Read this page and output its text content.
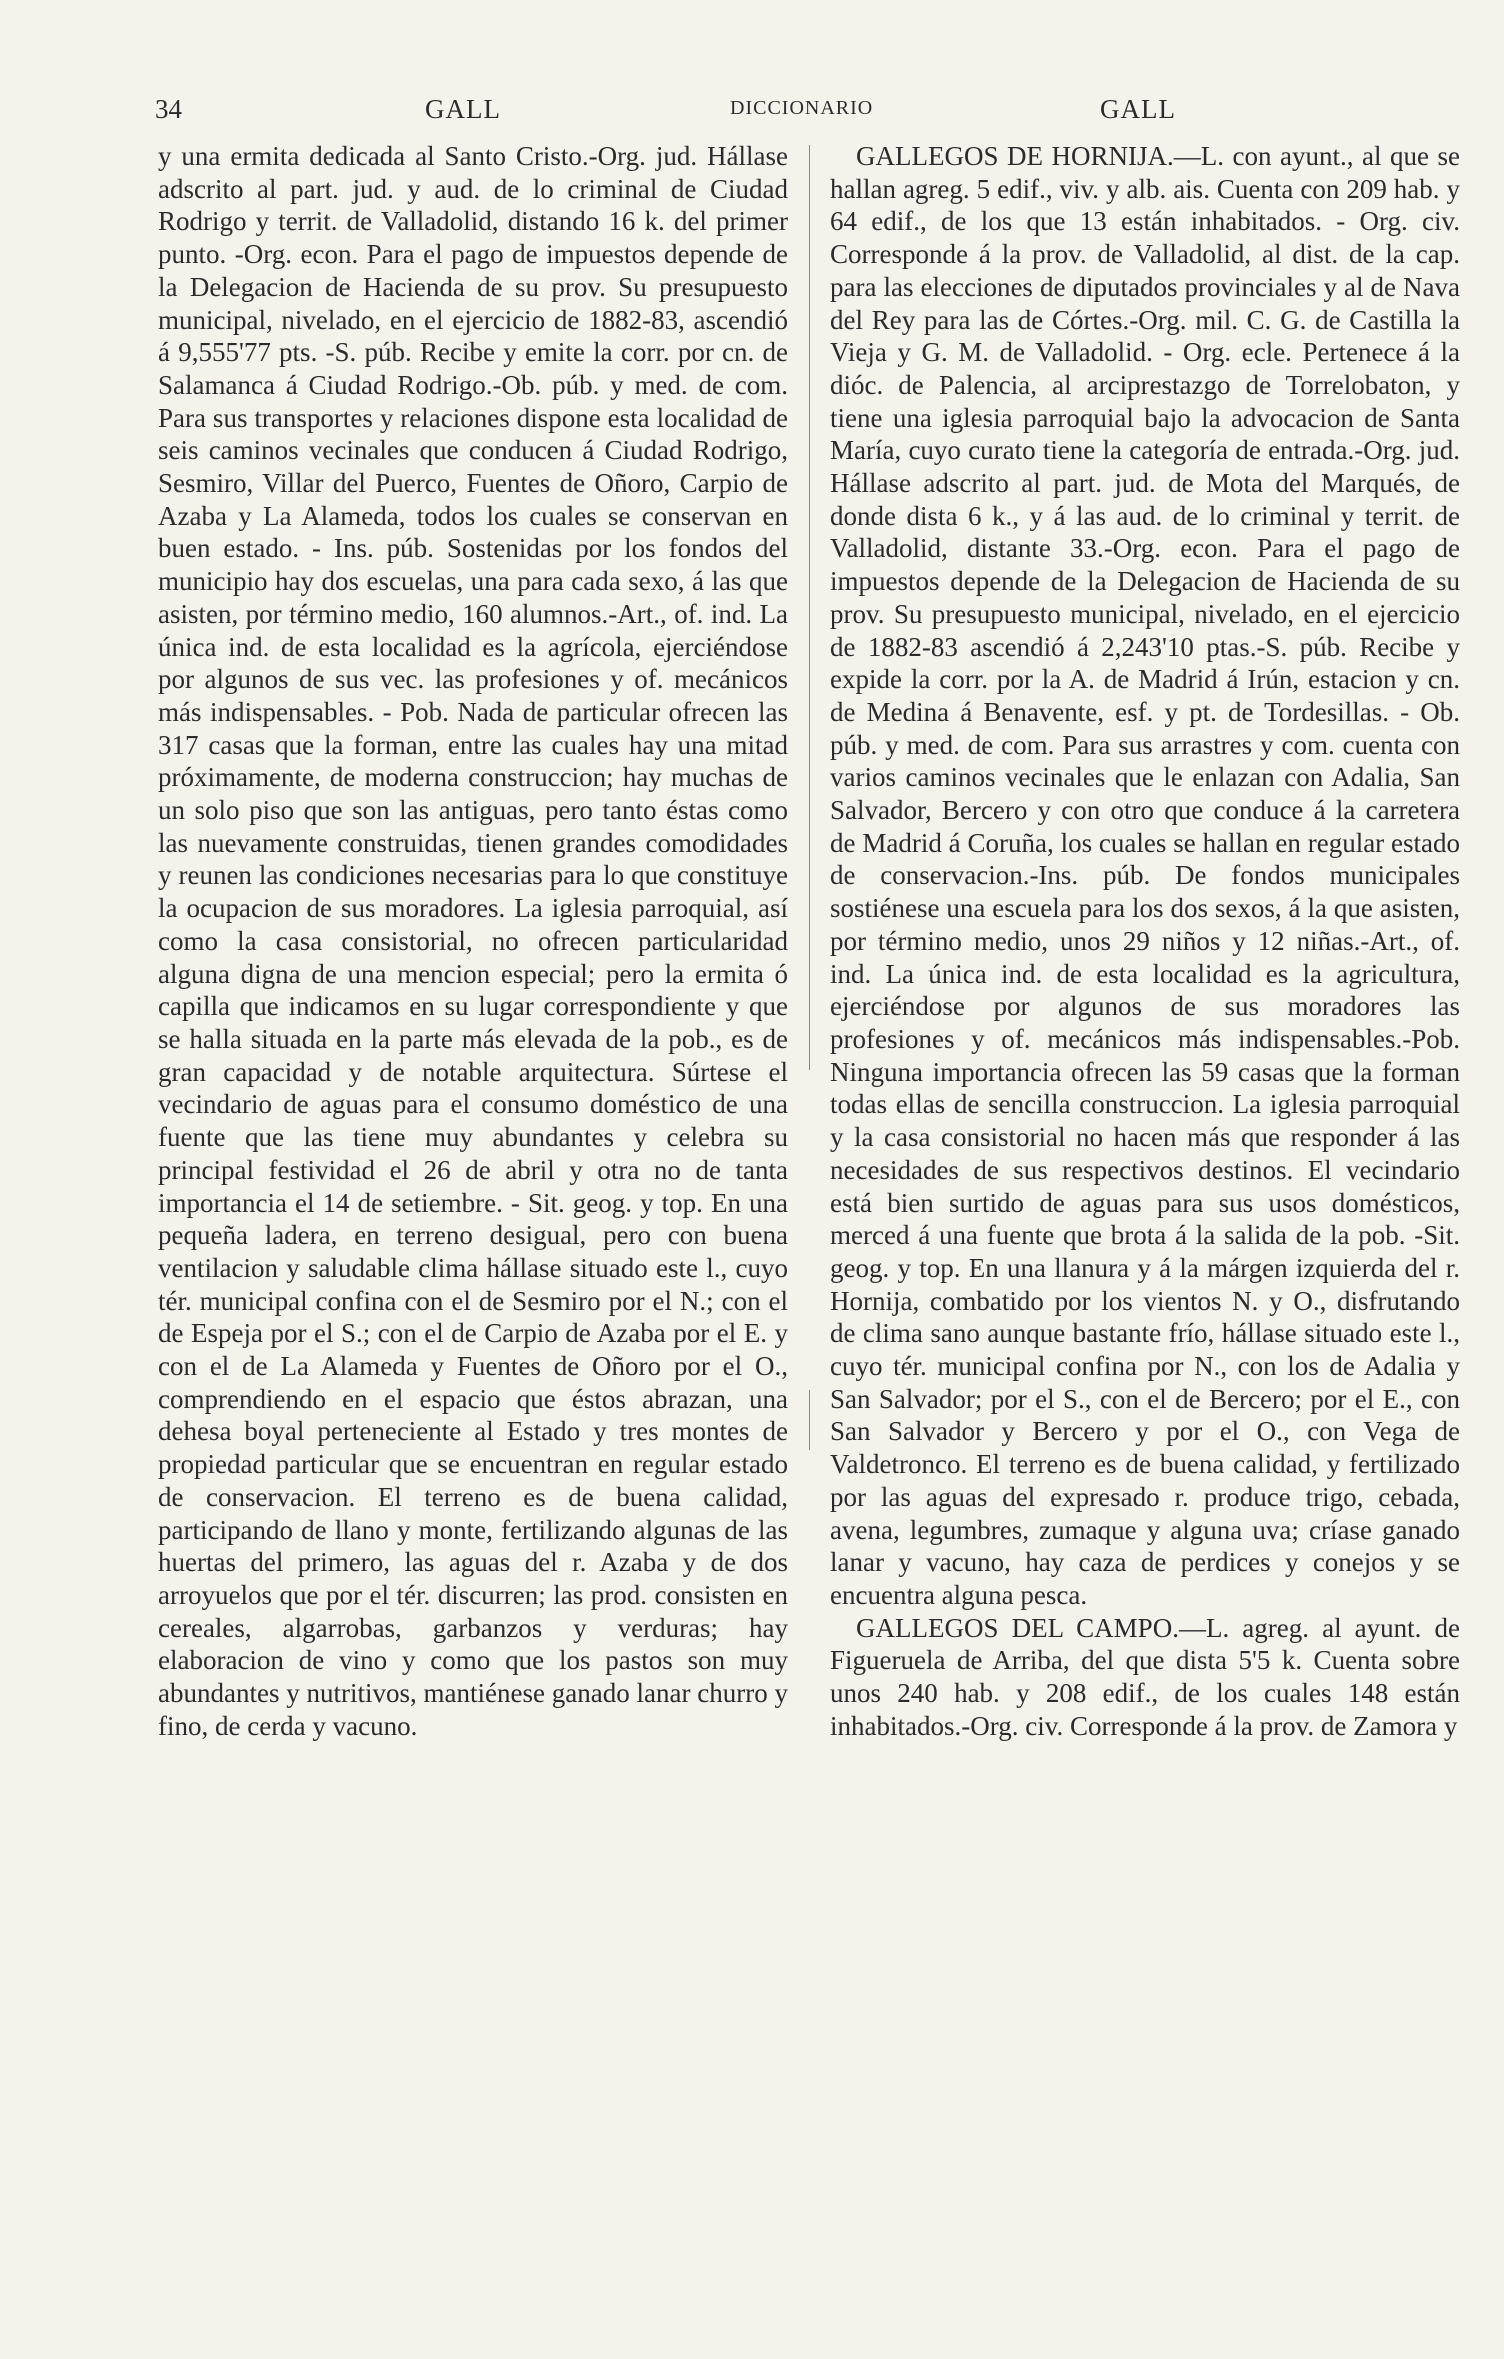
34	GALL	DICCIONARIO	GALL

y una ermita dedicada al Santo Cristo.-Org. jud. Hállase adscrito al part. jud. y aud. de lo criminal de Ciudad Rodrigo y territ. de Valladolid, distando 16 k. del primer punto. -Org. econ. Para el pago de impuestos depende de la Delegacion de Hacienda de su prov. Su presupuesto municipal, nivelado, en el ejercicio de 1882-83, ascendió á 9,555'77 pts. -S. púb. Recibe y emite la corr. por cn. de Salamanca á Ciudad Rodrigo.-Ob. púb. y med. de com. Para sus transportes y relaciones dispone esta localidad de seis caminos vecinales que conducen á Ciudad Rodrigo, Sesmiro, Villar del Puerco, Fuentes de Oñoro, Carpio de Azaba y La Alameda, todos los cuales se conservan en buen estado. - Ins. púb. Sostenidas por los fondos del municipio hay dos escuelas, una para cada sexo, á las que asisten, por término medio, 160 alumnos.-Art., of. ind. La única ind. de esta localidad es la agrícola, ejerciéndose por algunos de sus vec. las profesiones y of. mecánicos más indispensables. - Pob. Nada de particular ofrecen las 317 casas que la forman, entre las cuales hay una mitad próximamente, de moderna construccion; hay muchas de un solo piso que son las antiguas, pero tanto éstas como las nuevamente construidas, tienen grandes comodidades y reunen las condiciones necesarias para lo que constituye la ocupacion de sus moradores. La iglesia parroquial, así como la casa consistorial, no ofrecen particularidad alguna digna de una mencion especial; pero la ermita ó capilla que indicamos en su lugar correspondiente y que se halla situada en la parte más elevada de la pob., es de gran capacidad y de notable arquitectura. Súrtese el vecindario de aguas para el consumo doméstico de una fuente que las tiene muy abundantes y celebra su principal festividad el 26 de abril y otra no de tanta importancia el 14 de setiembre. - Sit. geog. y top. En una pequeña ladera, en terreno desigual, pero con buena ventilacion y saludable clima hállase situado este l., cuyo tér. municipal confina con el de Sesmiro por el N.; con el de Espeja por el S.; con el de Carpio de Azaba por el E. y con el de La Alameda y Fuentes de Oñoro por el O., comprendiendo en el espacio que éstos abrazan, una dehesa boyal perteneciente al Estado y tres montes de propiedad particular que se encuentran en regular estado de conservacion. El terreno es de buena calidad, participando de llano y monte, fertilizando algunas de las huertas del primero, las aguas del r. Azaba y de dos arroyuelos que por el tér. discurren; las prod. consisten en cereales, algarrobas, garbanzos y verduras; hay elaboracion de vino y como que los pastos son muy abundantes y nutritivos, mantiénese ganado lanar churro y fino, de cerda y vacuno.

GALLEGOS DE HORNIJA.—L. con ayunt., al que se hallan agreg. 5 edif., viv. y alb. ais. Cuenta con 209 hab. y 64 edif., de los que 13 están inhabitados. - Org. civ. Corresponde á la prov. de Valladolid, al dist. de la cap. para las elecciones de diputados provinciales y al de Nava del Rey para las de Córtes.-Org. mil. C. G. de Castilla la Vieja y G. M. de Valladolid. - Org. ecle. Pertenece á la dióc. de Palencia, al arciprestazgo de Torrelobaton, y tiene una iglesia parroquial bajo la advocacion de Santa María, cuyo curato tiene la categoría de entrada.-Org. jud. Hállase adscrito al part. jud. de Mota del Marqués, de donde dista 6 k., y á las aud. de lo criminal y territ. de Valladolid, distante 33.-Org. econ. Para el pago de impuestos depende de la Delegacion de Hacienda de su prov. Su presupuesto municipal, nivelado, en el ejercicio de 1882-83 ascendió á 2,243'10 ptas.-S. púb. Recibe y expide la corr. por la A. de Madrid á Irún, estacion y cn. de Medina á Benavente, esf. y pt. de Tordesillas. - Ob. púb. y med. de com. Para sus arrastres y com. cuenta con varios caminos vecinales que le enlazan con Adalia, San Salvador, Bercero y con otro que conduce á la carretera de Madrid á Coruña, los cuales se hallan en regular estado de conservacion.-Ins. púb. De fondos municipales sostiénese una escuela para los dos sexos, á la que asisten, por término medio, unos 29 niños y 12 niñas.-Art., of. ind. La única ind. de esta localidad es la agricultura, ejerciéndose por algunos de sus moradores las profesiones y of. mecánicos más indispensables.-Pob. Ninguna importancia ofrecen las 59 casas que la forman todas ellas de sencilla construccion. La iglesia parroquial y la casa consistorial no hacen más que responder á las necesidades de sus respectivos destinos. El vecindario está bien surtido de aguas para sus usos domésticos, merced á una fuente que brota á la salida de la pob. -Sit. geog. y top. En una llanura y á la márgen izquierda del r. Hornija, combatido por los vientos N. y O., disfrutando de clima sano aunque bastante frío, hállase situado este l., cuyo tér. municipal confina por N., con los de Adalia y San Salvador; por el S., con el de Bercero; por el E., con San Salvador y Bercero y por el O., con Vega de Valdetronco. El terreno es de buena calidad, y fertilizado por las aguas del expresado r. produce trigo, cebada, avena, legumbres, zumaque y alguna uva; críase ganado lanar y vacuno, hay caza de perdices y conejos y se encuentra alguna pesca.

GALLEGOS DEL CAMPO.—L. agreg. al ayunt. de Figueruela de Arriba, del que dista 5'5 k. Cuenta sobre unos 240 hab. y 208 edif., de los cuales 148 están inhabitados.-Org. civ. Corresponde á la prov. de Zamora y
